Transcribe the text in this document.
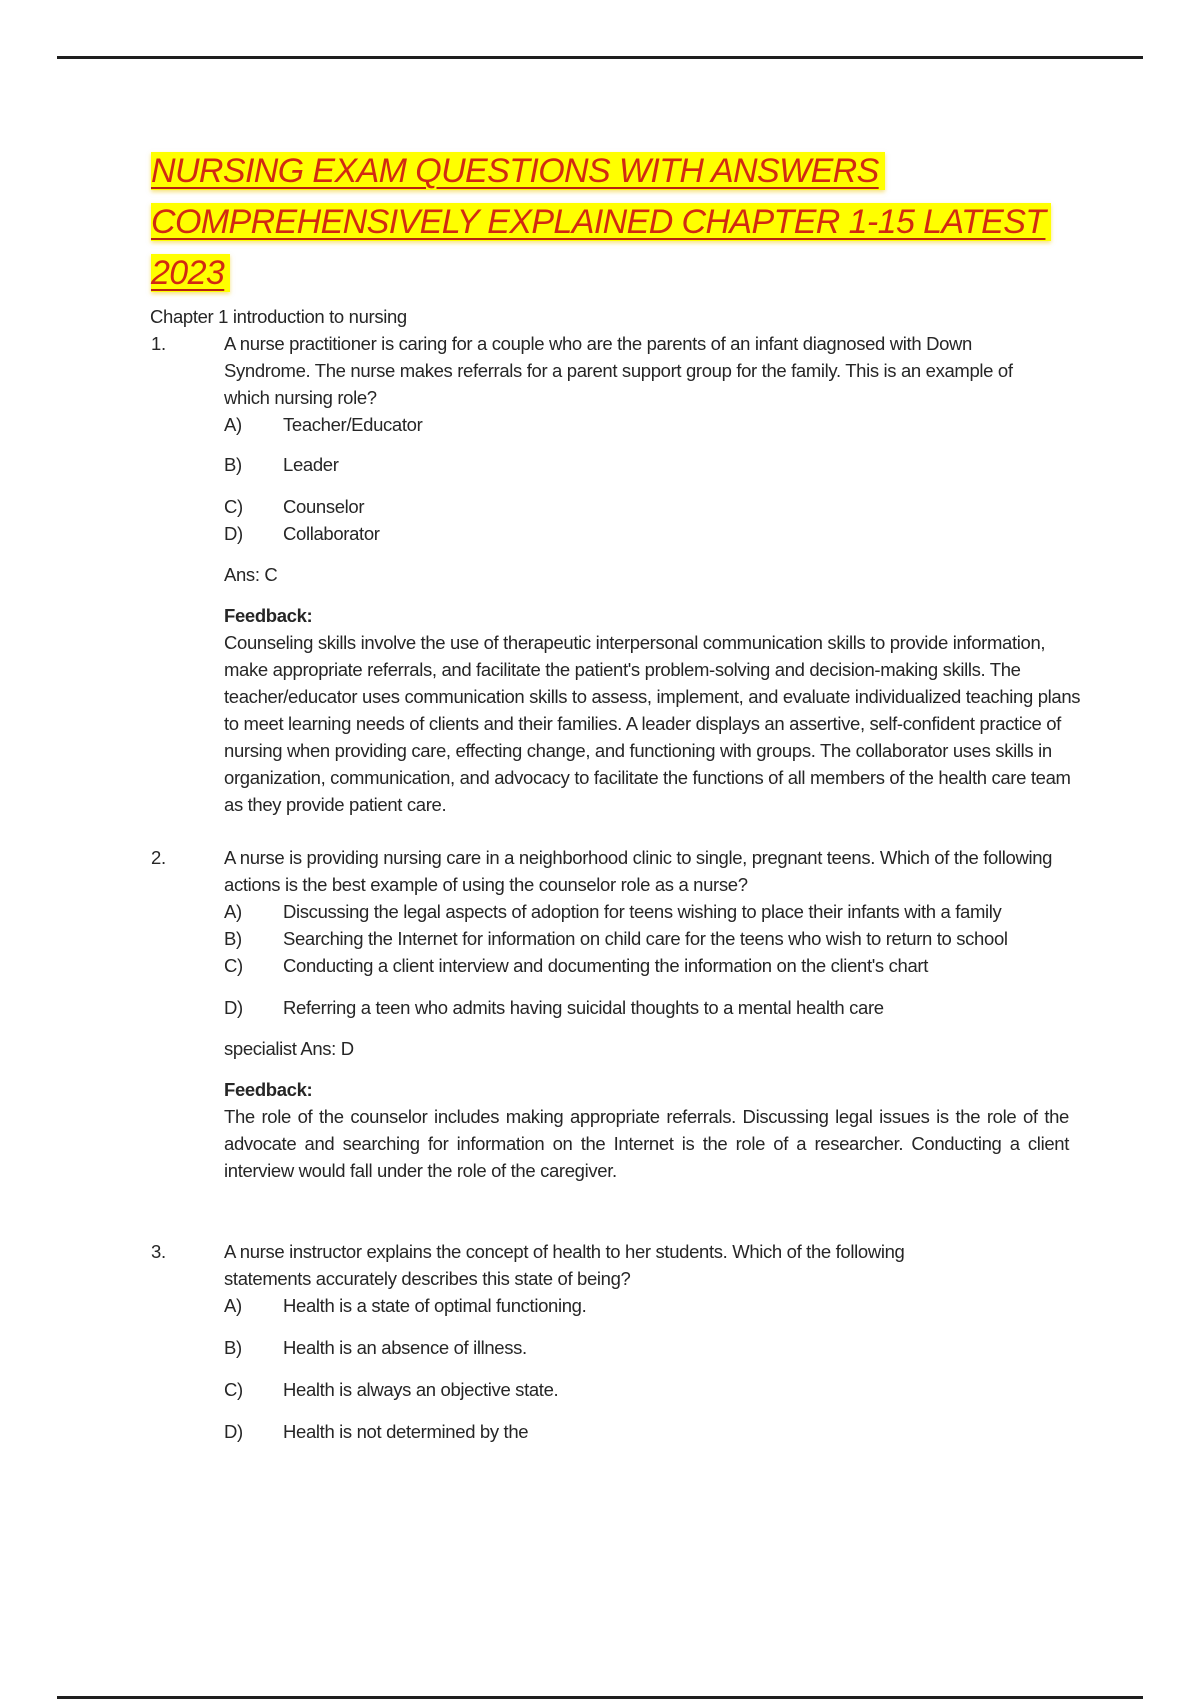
NURSING EXAM QUESTIONS WITH ANSWERS
COMPREHENSIVELY EXPLAINED CHAPTER 1-15 LATEST
2023
Chapter 1 introduction to nursing
1.	A nurse practitioner is caring for a couple who are the parents of an infant diagnosed with Down Syndrome. The nurse makes referrals for a parent support group for the family. This is an example of which nursing role?
A) Teacher/Educator
B) Leader
C) Counselor
D) Collaborator
Ans: C
Feedback:
Counseling skills involve the use of therapeutic interpersonal communication skills to provide information, make appropriate referrals, and facilitate the patient's problem-solving and decision-making skills. The teacher/educator uses communication skills to assess, implement, and evaluate individualized teaching plans to meet learning needs of clients and their families. A leader displays an assertive, self-confident practice of nursing when providing care, effecting change, and functioning with groups. The collaborator uses skills in organization, communication, and advocacy to facilitate the functions of all members of the health care team as they provide patient care.
2.	A nurse is providing nursing care in a neighborhood clinic to single, pregnant teens. Which of the following actions is the best example of using the counselor role as a nurse?
A) Discussing the legal aspects of adoption for teens wishing to place their infants with a family
B) Searching the Internet for information on child care for the teens who wish to return to school
C) Conducting a client interview and documenting the information on the client's chart
D) Referring a teen who admits having suicidal thoughts to a mental health care
specialist Ans: D
Feedback:
The role of the counselor includes making appropriate referrals. Discussing legal issues is the role of the advocate and searching for information on the Internet is the role of a researcher. Conducting a client interview would fall under the role of the caregiver.
3.	A nurse instructor explains the concept of health to her students. Which of the following statements accurately describes this state of being?
A) Health is a state of optimal functioning.
B) Health is an absence of illness.
C) Health is always an objective state.
D) Health is not determined by the
